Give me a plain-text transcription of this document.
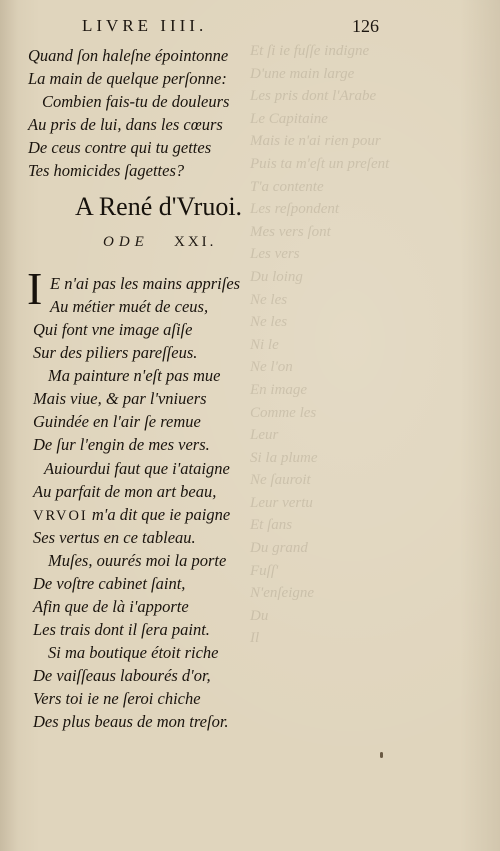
Et ſi ie fuſſe indigne
D'une main large
Les pris dont l'Arabe
Le Capitaine
Mais ie n'ai rien pour
Puis ta m'eſt un preſent
T'a contente
Les reſpondent
Mes vers ſont
Les vers
Du loing
Ne les
Ne les
Ni le
Ne l'on
En image
Comme les
Leur
Si la plume
Ne ſauroit
Leur vertu
Et ſans
Du grand
Fuſſ'
N'enſeigne
Du
Il
LIVRE IIII.	126
Quand ſon haleſne épointonne
La main de quelque perſonne:
Combien fais-tu de douleurs
Au pris de lui, dans les cœurs
De ceus contre qui tu gettes
Tes homicides ſagettes?
A René d'Vruoi.
ODE XXI.
I E n'ai pas les mains appriſes
Au métier muét de ceus,
Qui font vne image aſiſe
Sur des piliers pareſſeus.
Ma painture n'eſt pas mue
Mais viue, & par l'vniuers
Guindée en l'air ſe remue
De ſur l'engin de mes vers.
Auiourdui faut que i'ataigne
Au parfait de mon art beau,
VRVOI m'a dit que ie paigne
Ses vertus en ce tableau.
Muſes, ouurés moi la porte
De voſtre cabinet ſaint,
Afin que de là i'apporte
Les trais dont il ſera paint.
Si ma boutique étoit riche
De vaiſſeaus labourés d'or,
Vers toi ie ne ſeroi chiche
Des plus beaus de mon treſor.
